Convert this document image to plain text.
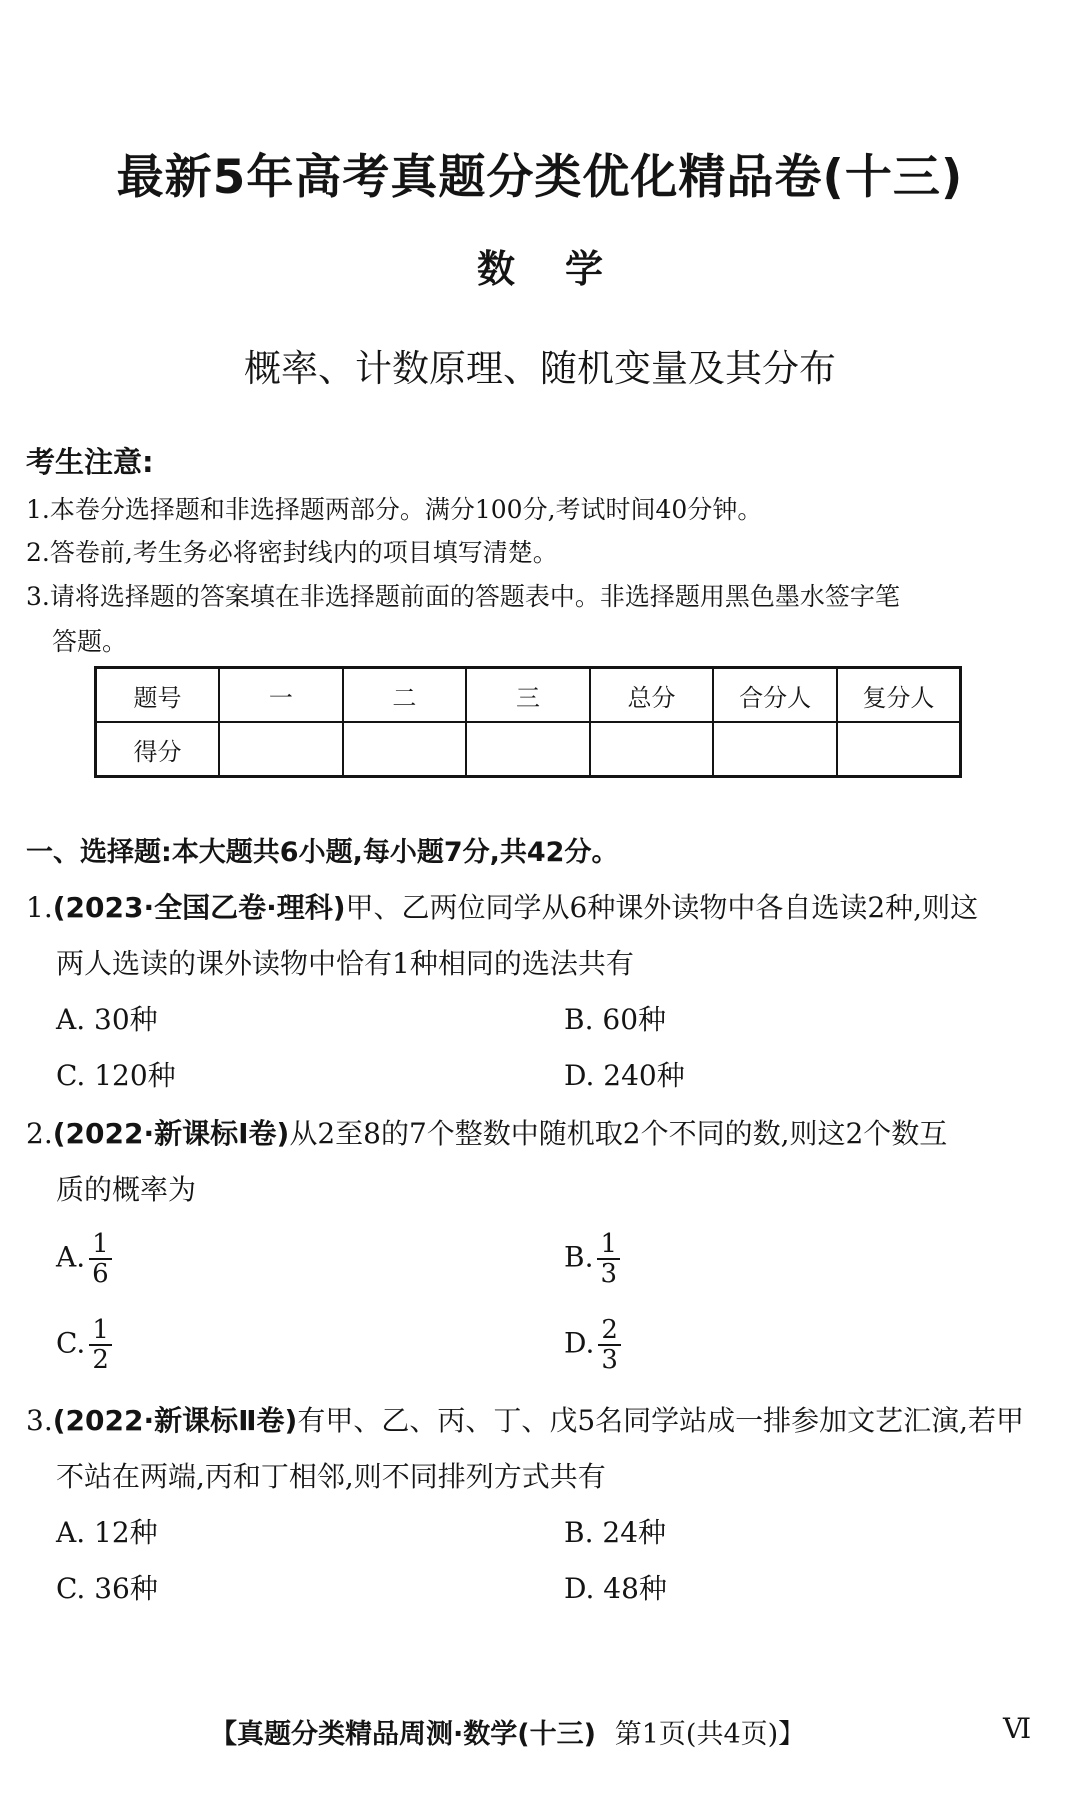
最新5年高考真题分类优化精品卷(十三)
数学
概率、计数原理、随机变量及其分布
考生注意:
1.本卷分选择题和非选择题两部分。满分100分,考试时间40分钟。
2.答卷前,考生务必将密封线内的项目填写清楚。
3.请将选择题的答案填在非选择题前面的答题表中。非选择题用黑色墨水签字笔
答题。
题号	一	二	三	总分	合分人	复分人
得分						
一、选择题:本大题共6小题,每小题7分,共42分。
1.(2023·全国乙卷·理科)甲、乙两位同学从6种课外读物中各自选读2种,则这
两人选读的课外读物中恰有1种相同的选法共有
A. 30种	B. 60种
C. 120种	D. 240种
2.(2022·新课标Ⅰ卷)从2至8的7个整数中随机取2个不同的数,则这2个数互
质的概率为
A. $\frac{1}{6}$	B. $\frac{1}{3}$
C. $\frac{1}{2}$	D. $\frac{2}{3}$
3.(2022·新课标Ⅱ卷)有甲、乙、丙、丁、戊5名同学站成一排参加文艺汇演,若甲
不站在两端,丙和丁相邻,则不同排列方式共有
A. 12种	B. 24种
C. 36种	D. 48种
【真题分类精品周测·数学(十三) 第1页(共4页)】	Ⅵ
